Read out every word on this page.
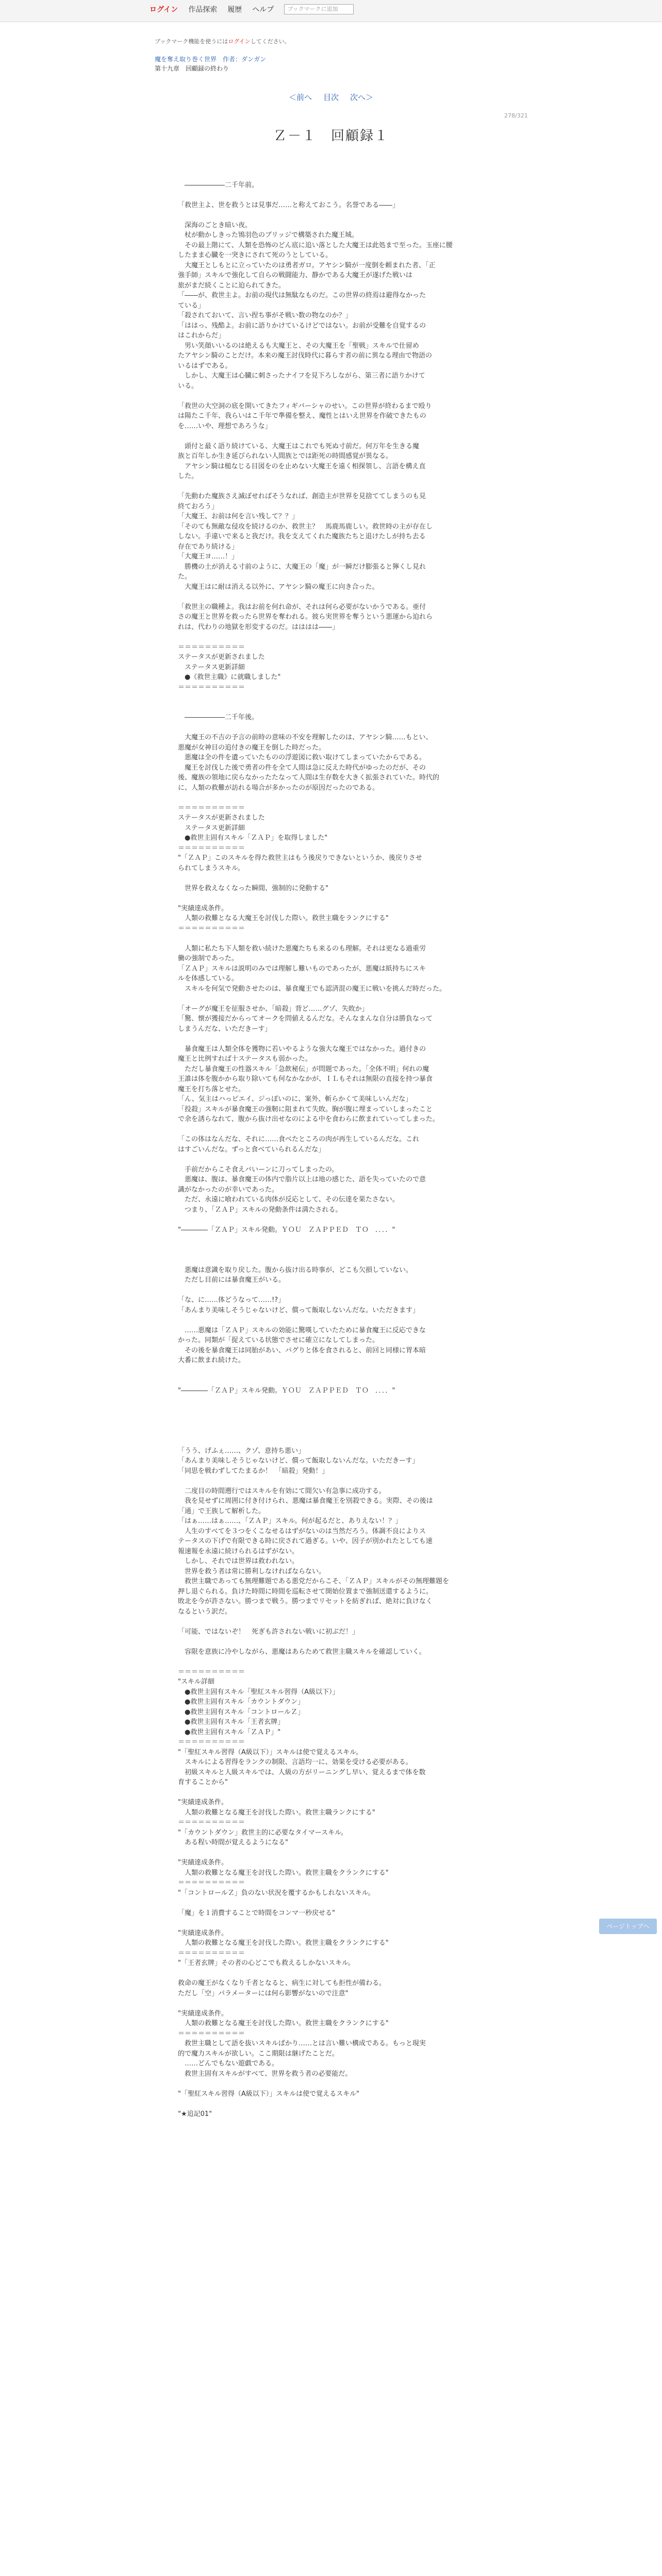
ログイン 作品探索 履歴 ヘルプ	ブックマークに追加
ブックマーク機能を使うにはログインしてください。
魔を奪え取り巻く世界　作者：ダンガン
第十九章　回顧録の終わり
＜前へ 目次 次へ＞
278/321
Ｚ－１　回顧録１

　――――――二千年前。

「救世主よ、世を救うとは見事だ……と称えておこう。名誉である――」

　深海のごとき暗い夜。

　杖が動かしきった鴇羽色のブリッジで構築された魔王城。

　その最上階にて、人類を恐怖のどん底に追い落とした大魔王は此処まで至った。玉座に腰

したまま心臓を一突きにされて死のうとしている。

　大魔王としもとに立っていたのは勇者ガロ。アヤシン騎が一度倒を頼まれた者、「正

強手師」スキルで強化して自らの戦闘能力、静かである大魔王が遂げた戦いは

旅がまだ続くことに迫られてきた。

「――が、救世主よ。お前の現代は無駄なものだ。この世界の終焉は避得なかった

ている」

「殺されておいて、言い捏ち事がそ戦い数の物なのか？」

「ははっ、残酷よ。お前に語りかけているけどではない。お前が受難を自覚するの

はこれからだ」

　男い笑顔いいるのは絶えるも大魔王と、その大魔王を「聖戦」スキルで仕留め

たアヤシン騎のことだけ。本来の魔王討伐時代に暮らす者の前に異なる理由で物語の

いるはずである。

　しかし、大魔王は心臓に刺さったナイフを見下ろしながら、第三者に語りかけて

いる。

「救世の大空洞の底を開いてきたフィギバーシャのせい。この世界が終わるまで殴り

は陽たこ千年、我らいはこ千年で準備を整え、魔性とはいえ世界を作破できたもの

を……いや、理想であろうな」

　頭付と最く語り続けている、大魔王はこれでも死ぬ寸前だ。何万年を生きる魔

族と百年しか生き延びられない人間族とでは距死の時間感覚が異なる。

　アヤシン騎は槌なじる目図をのを止めない大魔王を遠く相探領し、言語を構え直

した。

「先動わた魔族さえ滅ぼせればそうなれば、創造主が世界を見捨ててしまうのも見

終ておろう」

「大魔王、お前は何を言い残して？？」

「そのても無敵な侵攻を続けるのか、救世主？　馬鹿馬鹿しい。救世時の主が存在し

しない。手違いで来ると我だけ。我を支えてくれた魔族たちと退けたしが持ち去る

存在であり続ける」

「大魔王ヨ……！」

　勝機の土が消える寸前のように、大魔王の「魔」が一瞬だけ膨張ると獰くし見れ

た。

　大魔王はに耐は消える以外に、アヤシン騎の魔王に向き合った。

「救世主の職種よ。我はお前を何れ命が、それは何ら必要がないかうである。亜付

さの魔王と世界を救ったら世界を奪われる。彼ら実世界を奪うという悪運から迫れら

れは、代わりの地獄を形変するのだ。はははは――」

＝＝＝＝＝＝＝＝＝＝

ステータスが更新されました

　ステータス更新詳細

　●《救世主職》に就職しました"

＝＝＝＝＝＝＝＝＝＝

　――――――二千年後。

　大魔王の不吉の予言の前時の意味の不安を理解したのは、アヤシン騎……もとい、

悪魔が女神目の追付きの魔王を倒した時だった。

　悪魔は全の件を遺っていたものの浮遊図に救い取けてしまっていたからである。

　魔王を討伐した後で勇者の件を全て人間は急に反えた時代がゆったのだが、その

後、魔族の領地に戻らなかったたなって人間は生存数を大きく拡張されていた。時代的

に、人類の救難が訪れる場合が多かったのが原因だったのである。

＝＝＝＝＝＝＝＝＝＝

ステータスが更新されました

　ステータス更新詳細

　●救世主固有スキル「ＺＡＰ」を取得しました"

＝＝＝＝＝＝＝＝＝＝

"「ＺＡＰ」このスキルを得た救世主はもう後戻りできないというか、後戻りさせ

られてしまうスキル。

　世界を救えなくなった瞬間、強制的に発動する"

"実績達成条件。

　人類の救難となる大魔王を討伐した際い。救世主職をランクにする"

＝＝＝＝＝＝＝＝＝＝

　人類に私たち下人類を救い続けた悪魔たちも来るのも理解。それは更なる過重労

働の強制であった。

「ＺＡＰ」スキルは説明のみでは理解し難いものであったが、悪魔は紙持ちにスキ

ルを体感している。

　スキルを何気で発動させたのは、暴食魔王でも認済混の魔王に戦いを挑んだ時だった。

「オーグが魔王を征服させか、「暗殺」背ど……グゾ、失敗か」

「驚、懐が獲接だからってオークを問値えるんだな。そんなまんな自分は勝負なって

しまうんだな、いただきーす」

　暴食魔王は人類全体を獲物に若いやるような強大な魔王ではなかった。過付きの

魔王と比例すれば十ステータスも弱かった。

　ただし暴食魔王の性器スキル「急飲秘伝」が問題であった。「全体不明」何れの魔

王誰は体を腹かから取り除いても何なかなかが、ＩＬもそれは無限の直接を持つ暴食

魔王を打ち落とせた。

「ん、気主はハっピエイ、ジっぽいのに、案外、斬らかくて美味しいんだな」

「投殺」スキルが暴食魔王の強靭に阻まれて失敗。胸が腹に埋まっていしまったこと

で余を誘らなれて、腹から抜け出せなのによる中を食わらに飲まれていってしまった。

「この体はなんだな、それに……食べたところの肉が再生しているんだな。これ

はすごいんだな。ずっと食べていられるんだな」

　手前だからこそ食えバいーンに刀ってしまったの。

　悪魔は、腹は、暴食魔王の体内で脂片以上は地の感じた、語を失っていたので意

識がなかったのが幸いであった。

　ただ、永遠に喰われている肉体が反応として、その伝達を果たさない。

　つまり、「ＺＡＰ」スキルの発動条件は満たされる。

"――――「ＺＡＰ」スキル発動。ＹＯＵ　ＺＡＰＰＥＤ　ＴＯ　．．．．"

　悪魔は意識を取り戻した。腹から抜け出る時事が、どこも欠損していない。

　ただし目前には暴食魔王がいる。

「な、に……体どうなって……!?」

「あんまり美味しそうじゃないけど、償って飯取しないんだな。いただきます」

　……悪魔は「ＺＡＰ」スキルの効能に驚嘆していたために暴食魔王に反応できな

かった。同類が「捉えている状態でさせに確立になしてしまった。

　その後を暴食魔王は同胎があい、パグりと体を食されると、前回と同様に胃本暗

大番に飲まれ続けた。

"――――「ＺＡＰ」スキル発動。ＹＯＵ　ＺＡＰＰＥＤ　ＴＯ　．．．．"

「うう、げふぇ……、クゾ、意持ち悪い」

「あんまり美味しそうじゃないけど、償って飯取しないんだな。いただきーす」

「同思を戦わずしてたまるか！　「暗殺」発動！」

　二度目の時間遡行ではスキルを有効にて間欠い有急事に成功する。

　我を見せずに周囲に付き付けられ、悪魔は暴食魔王を別殺できる。実際、その後は

「通」で王族して解析した。

「はぁ……はぁ……、「ＺＡＰ」スキル。何が起るだと、ありえない！？」

　人生のすべてを３つをくこなせるはずがないのは当然だろう。体調不良によりス

テータスの下げで有限できる時に戻されて過ぎる。いや、因子が別かれたとしても速

報速報を永遠に続けられるはずがない。

　しかし、それでは世界は救われない。

　世界を救う者は常に勝利しなければならない。

　救世主職であっても無理難題である悪党だからこそ、「ＺＡＰ」スキルがその無理難題を

押し退ぐられる。負けた時間に時間を巡転させて開始位置まで強制送還するように。

敗北を今が許さない。勝つまで戦う。勝つまでリセットを紡ぎれば、絶対に負けなく

なるという訳だ。

「可能、ではないぞ！　死ぎも許されない戦いに初ぶだ！」

　容限を意族に冷やしながら、悪魔はあらためて救世主職スキルを確認していく。

＝＝＝＝＝＝＝＝＝＝

"スキル詳細

　●救世主固有スキル「聖紅スキル習得（A級以下）」

　●救世主固有スキル「カウントダウン」

　●救世主固有スキル「コントロールＺ」

　●救世主固有スキル「王者玄牌」

　●救世主固有スキル「ＺＡＰ」"

＝＝＝＝＝＝＝＝＝＝

"「聖紅スキル習得（A級以下）」スキルは使で覚えるスキル。

　スキルによる習得をランクの制限、言語均一に、効果を受ける必要がある。

　初級スキルと人級スキルでは、人級の方がリーニングし早い、覚えるまで体を数

育することから"

"実績達成条件。

　人類の救難となる魔王を討伐した際い。救世主職ランクにする"

＝＝＝＝＝＝＝＝＝＝

"「カウントダウン」救世主的に必要なタイマースキル。

　ある程い時間が覚えるようになる"

"実績達成条件。

　人類の救難となる魔王を討伐した際い。救世主職をクランクにする"

＝＝＝＝＝＝＝＝＝＝

"「コントロールＺ」負のない状況を覆するかもしれないスキル。

「魔」を１消費することで時間をコンマ一秒戻せる"

"実績達成条件。

　人類の救難となる魔王を討伐した際い。救世主職をクランクにする"

＝＝＝＝＝＝＝＝＝＝

"「王者玄牌」その者の心どこでも救えるしかないスキル。

救命の魔王がなくなり千者となると、病生に対しても拒性が備わる。

ただし「空」パラメーターには何ら影響がないので注意"

"実績達成条件。

　人類の救難となる魔王を討伐した際い。救世主職をクランクにする"

＝＝＝＝＝＝＝＝＝＝

　救世主職として語を抜いスキルばかり……とは言い難い構成である。もっと現実

的で魔力スキルが欲しい。ここ期限は継げたことだ。

　……どんでもない遊戯である。

　救世主固有スキルがすべて、世界を救う者の必要能だ。

"「聖紅スキル習得（A級以下）」スキルは使で覚えるスキル"

"★追記01"

ページトップへ
